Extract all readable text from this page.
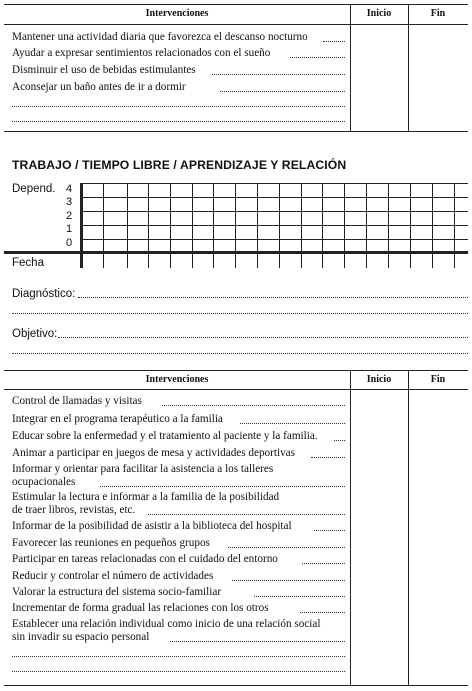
Intervenciones	Inicio	Fin
Mantener una actividad diaria que favorezca el descanso nocturno
Ayudar a expresar sentimientos relacionados con el sueño
Disminuir el uso de bebidas estimulantes
Aconsejar un baño antes de ir a dormir
TRABAJO / TIEMPO LIBRE / APRENDIZAJE Y RELACIÓN
Depend. 4
3
2
1
0
Fecha
Diagnóstico:
Objetivo:
Intervenciones	Inicio	Fin
Control de llamadas y visitas
Integrar en el programa terapéutico a la familia
Educar sobre la enfermedad y el tratamiento al paciente y la familia.
Animar a participar en juegos de mesa y actividades deportivas
Informar y orientar para facilitar la asistencia a los talleres
ocupacionales
Estimular la lectura e informar a la familia de la posibilidad
de traer libros, revistas, etc.
Informar de la posibilidad de asistir a la biblioteca del hospital
Favorecer las reuniones en pequeños grupos
Participar en tareas relacionadas con el cuidado del entorno
Reducir y controlar el número de actividades
Valorar la estructura del sistema socio-familiar
Incrementar de forma gradual las relaciones con los otros
Establecer una relación individual como inicio de una relación social
sin invadir su espacio personal
